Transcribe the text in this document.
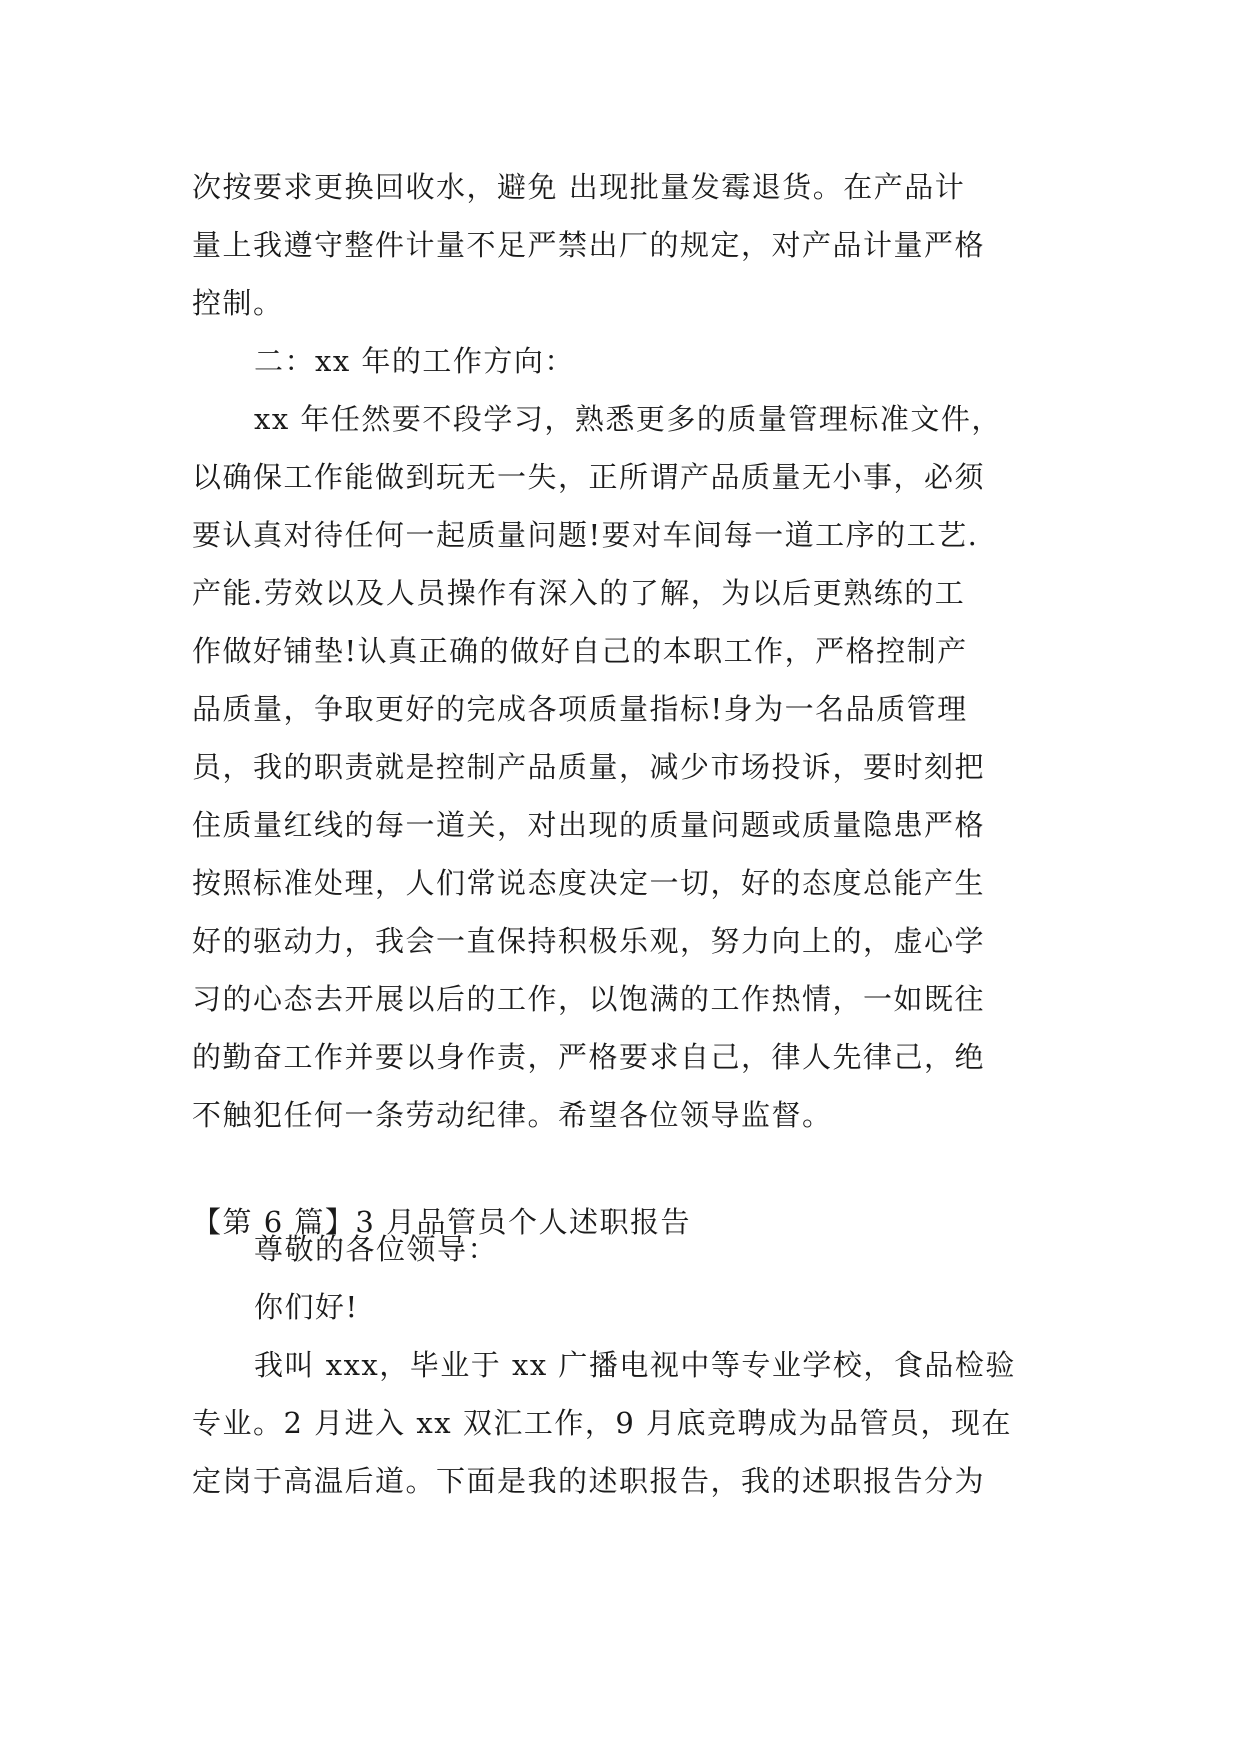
次按要求更换回收水，避免 出现批量发霉退货。在产品计
量上我遵守整件计量不足严禁出厂的规定，对产品计量严格
控制。
二：xx 年的工作方向：
xx 年任然要不段学习，熟悉更多的质量管理标准文件，
以确保工作能做到玩无一失，正所谓产品质量无小事，必须
要认真对待任何一起质量问题!要对车间每一道工序的工艺.
产能.劳效以及人员操作有深入的了解，为以后更熟练的工
作做好铺垫!认真正确的做好自己的本职工作，严格控制产
品质量，争取更好的完成各项质量指标!身为一名品质管理
员，我的职责就是控制产品质量，减少市场投诉，要时刻把
住质量红线的每一道关，对出现的质量问题或质量隐患严格
按照标准处理，人们常说态度决定一切，好的态度总能产生
好的驱动力，我会一直保持积极乐观，努力向上的，虚心学
习的心态去开展以后的工作，以饱满的工作热情，一如既往
的勤奋工作并要以身作责，严格要求自己，律人先律己，绝
不触犯任何一条劳动纪律。希望各位领导监督。
【第 6 篇】3 月品管员个人述职报告
尊敬的各位领导：
你们好!
我叫 xxx，毕业于 xx 广播电视中等专业学校，食品检验
专业。2 月进入 xx 双汇工作，9 月底竞聘成为品管员，现在
定岗于高温后道。下面是我的述职报告，我的述职报告分为
